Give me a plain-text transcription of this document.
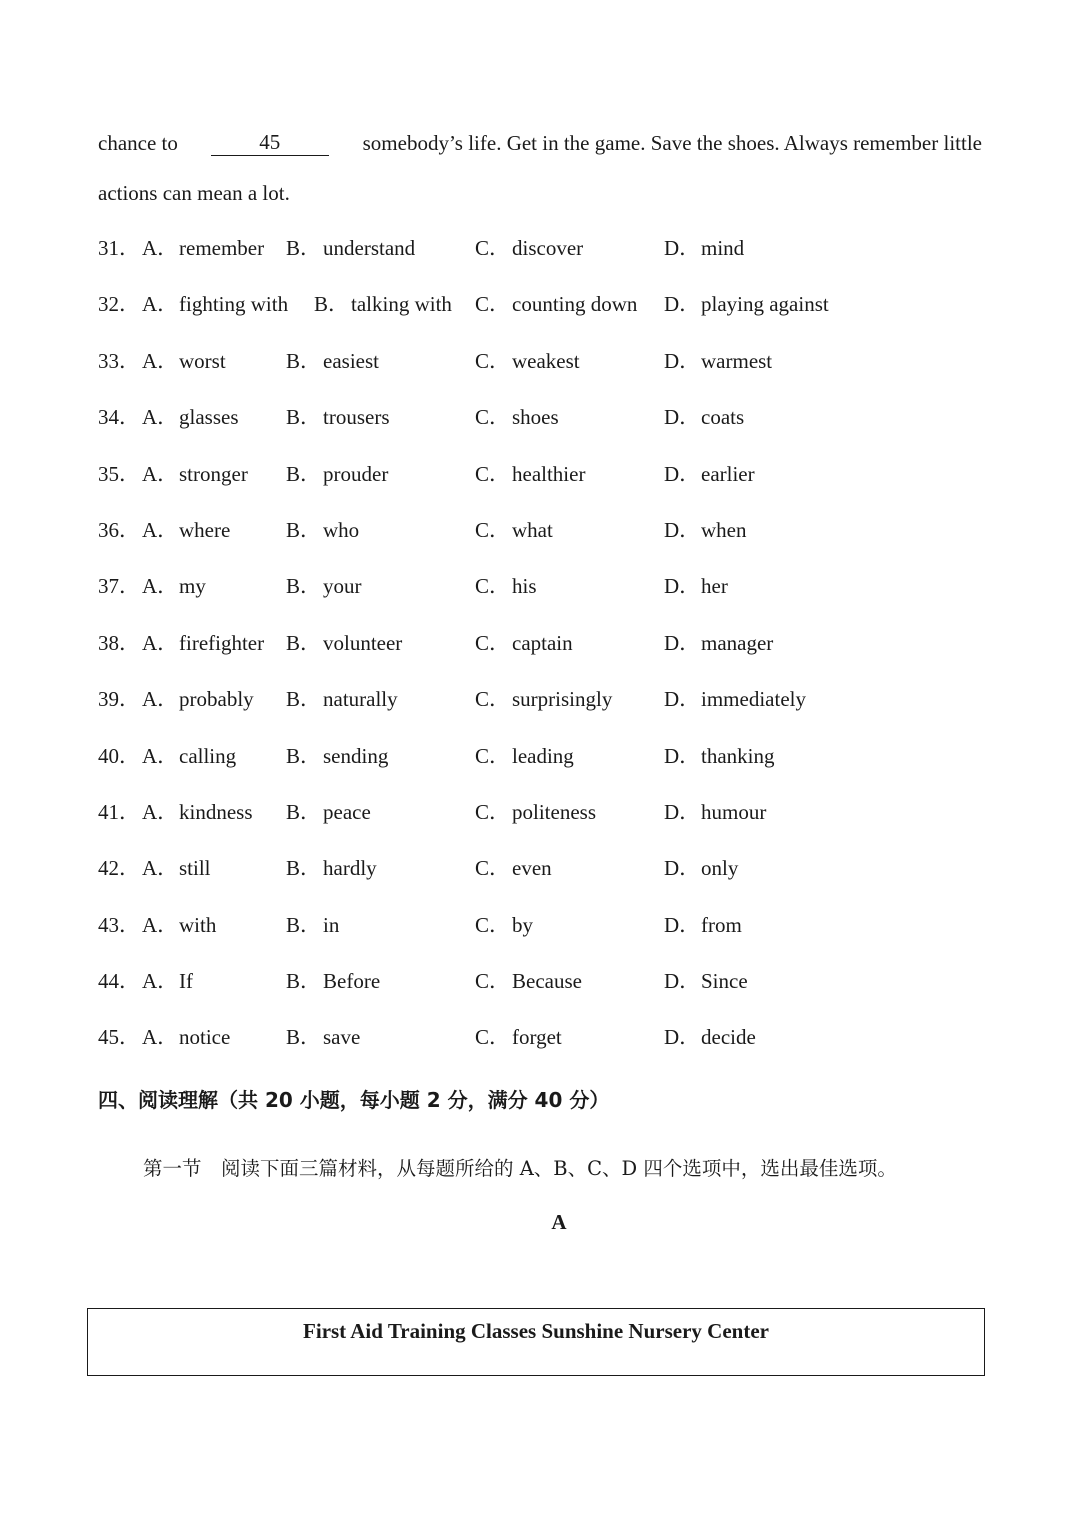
chance to	45	somebody’s life. Get in the game. Save the shoes. Always remember little
actions can mean a lot.
31． A．remember B．understand	C．discover	D．mind
32． A．fighting with B．talking with C．counting down D．playing against
33． A．worst	B．easiest	C．weakest	D．warmest
34． A．glasses B．trousers	C．shoes	D．coats
35． A．stronger B．prouder	C．healthier	D．earlier
36． A．where	B．who	C．what	D．when
37． A．my	B．your	C．his	D．her
38． A．firefighter B．volunteer	C．captain	D．manager
39． A．probably B．naturally	C．surprisingly D．immediately
40． A．calling B．sending	C．leading	D．thanking
41． A．kindness B．peace	C．politeness	D．humour
42． A．still	B．hardly	C．even	D．only
43． A．with	B．in	C．by	D．from
44． A．If	B．Before	C．Because	D．Since
45． A．notice	B．save	C．forget	D．decide
四、阅读理解（共 20 小题，每小题 2 分，满分 40 分）
第一节　阅读下面三篇材料，从每题所给的 A、B、C、D 四个选项中，选出最佳选项。
A
First Aid Training Classes Sunshine Nursery Center
